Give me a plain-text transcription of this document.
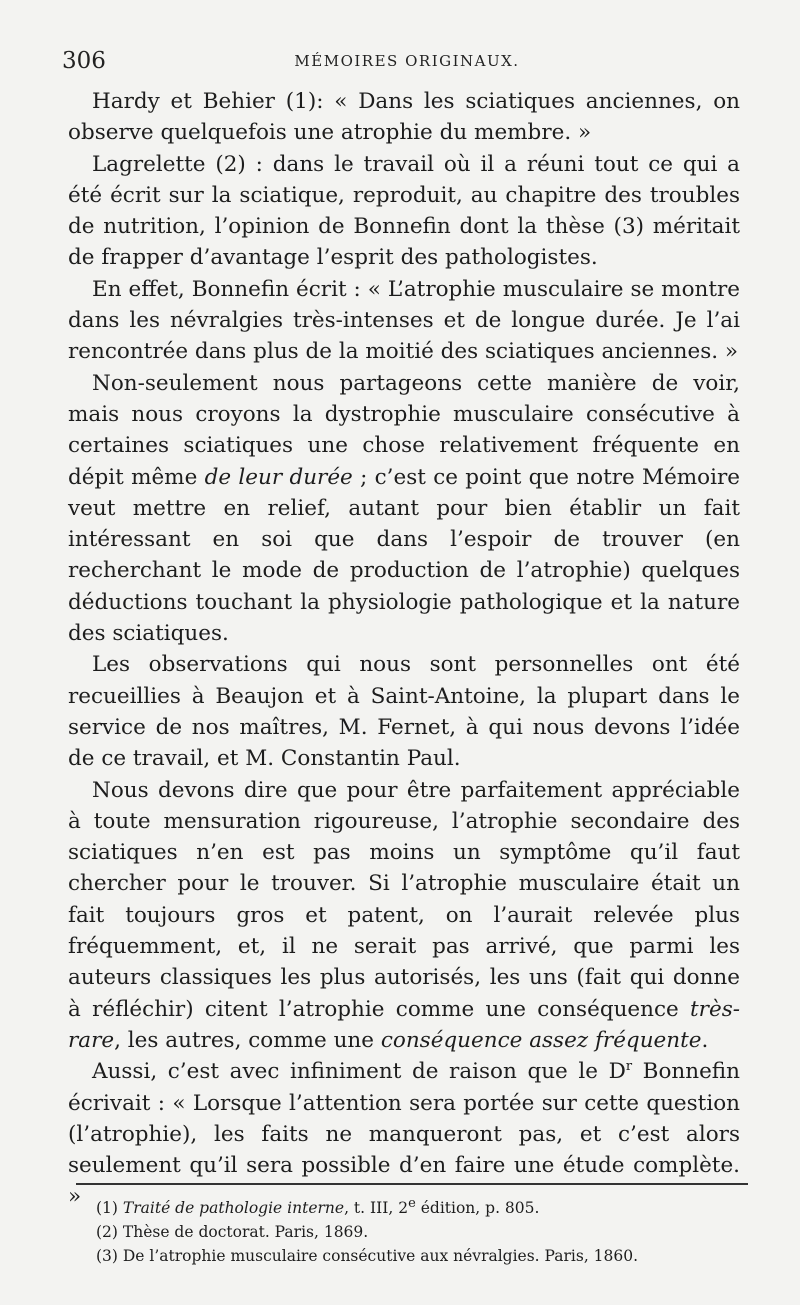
306	MÉMOIRES ORIGINAUX.

Hardy et Behier (1): « Dans les sciatiques anciennes, on observe quelquefois une atrophie du membre. »

Lagrelette (2) : dans le travail où il a réuni tout ce qui a été écrit sur la sciatique, reproduit, au chapitre des troubles de nutrition, l’opinion de Bonnefin dont la thèse (3) méritait de frapper d’avantage l’esprit des pathologistes.

En effet, Bonnefin écrit : « L’atrophie musculaire se montre dans les névralgies très-intenses et de longue durée. Je l’ai rencontrée dans plus de la moitié des sciatiques anciennes. »

Non-seulement nous partageons cette manière de voir, mais nous croyons la dystrophie musculaire consécutive à certaines sciatiques une chose relativement fréquente en dépit même de leur durée ; c’est ce point que notre Mémoire veut mettre en relief, autant pour bien établir un fait intéressant en soi que dans l’espoir de trouver (en recherchant le mode de production de l’atrophie) quelques déductions touchant la physiologie pathologique et la nature des sciatiques.

Les observations qui nous sont personnelles ont été recueillies à Beaujon et à Saint-Antoine, la plupart dans le service de nos maîtres, M. Fernet, à qui nous devons l’idée de ce travail, et M. Constantin Paul.

Nous devons dire que pour être parfaitement appréciable à toute mensuration rigoureuse, l’atrophie secondaire des sciatiques n’en est pas moins un symptôme qu’il faut chercher pour le trouver. Si l’atrophie musculaire était un fait toujours gros et patent, on l’aurait relevée plus fréquemment, et, il ne serait pas arrivé, que parmi les auteurs classiques les plus autorisés, les uns (fait qui donne à réfléchir) citent l’atrophie comme une conséquence très-rare, les autres, comme une conséquence assez fréquente.

Aussi, c’est avec infiniment de raison que le $D^r$ Bonnefin écrivait : « Lorsque l’attention sera portée sur cette question (l’atrophie), les faits ne manqueront pas, et c’est alors seulement qu’il sera possible d’en faire une étude complète. » (1) Traité de pathologie interne, t. III, 2e édition, p. 805.
(2) Thèse de doctorat. Paris, 1869.
(3) De l’atrophie musculaire consécutive aux névralgies. Paris, 1860.
